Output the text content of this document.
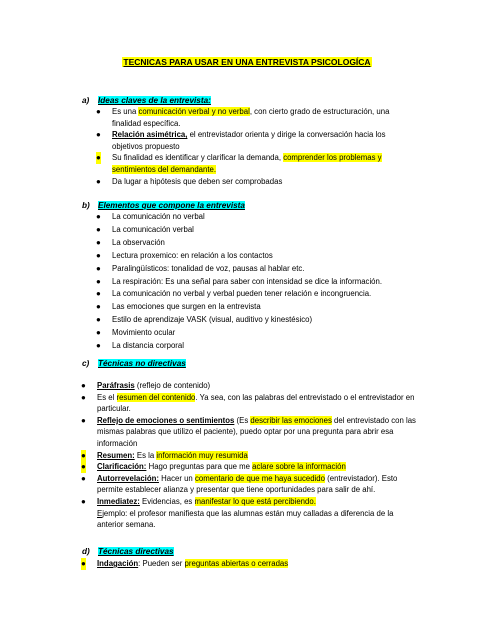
TECNICAS PARA USAR EN UNA ENTREVISTA PSICOLOGÍCA
a) Ideas claves de la entrevista:
● Es una comunicación verbal y no verbal, con cierto grado de estructuración, una
finalidad específica.
● Relación asimétrica, el entrevistador orienta y dirige la conversación hacia los
objetivos propuesto
● Su finalidad es identificar y clarificar la demanda, comprender los problemas y
sentimientos del demandante.
● Da lugar a hipótesis que deben ser comprobadas
b) Elementos que compone la entrevista
● La comunicación no verbal
● La comunicación verbal
● La observación
● Lectura proxemico: en relación a los contactos
● Paralingüísticos: tonalidad de voz, pausas al hablar etc.
● La respiración: Es una señal para saber con intensidad se dice la información.
● La comunicación no verbal y verbal pueden tener relación e incongruencia.
● Las emociones que surgen en la entrevista
● Estilo de aprendizaje VASK (visual, auditivo y kinestésico)
● Movimiento ocular
● La distancia corporal
c) Técnicas no directivas
● Paráfrasis (reflejo de contenido)
● Es el resumen del contenido. Ya sea, con las palabras del entrevistado o el entrevistador en
particular.
● Reflejo de emociones o sentimientos (Es describir las emociones del entrevistado con las
mismas palabras que utilizo el paciente), puedo optar por una pregunta para abrir esa
información
● Resumen: Es la información muy resumida
● Clarificación: Hago preguntas para que me aclare sobre la información
● Autorrevelación: Hacer un comentario de que me haya sucedido (entrevistador). Esto
permite establecer alianza y presentar que tiene oportunidades para salir de ahí.
● Inmediatez: Evidencias, es manifestar lo que está percibiendo.
Ejemplo: el profesor manifiesta que las alumnas están muy calladas a diferencia de la
anterior semana.
d) Técnicas directivas
● Indagación: Pueden ser preguntas abiertas o cerradas
